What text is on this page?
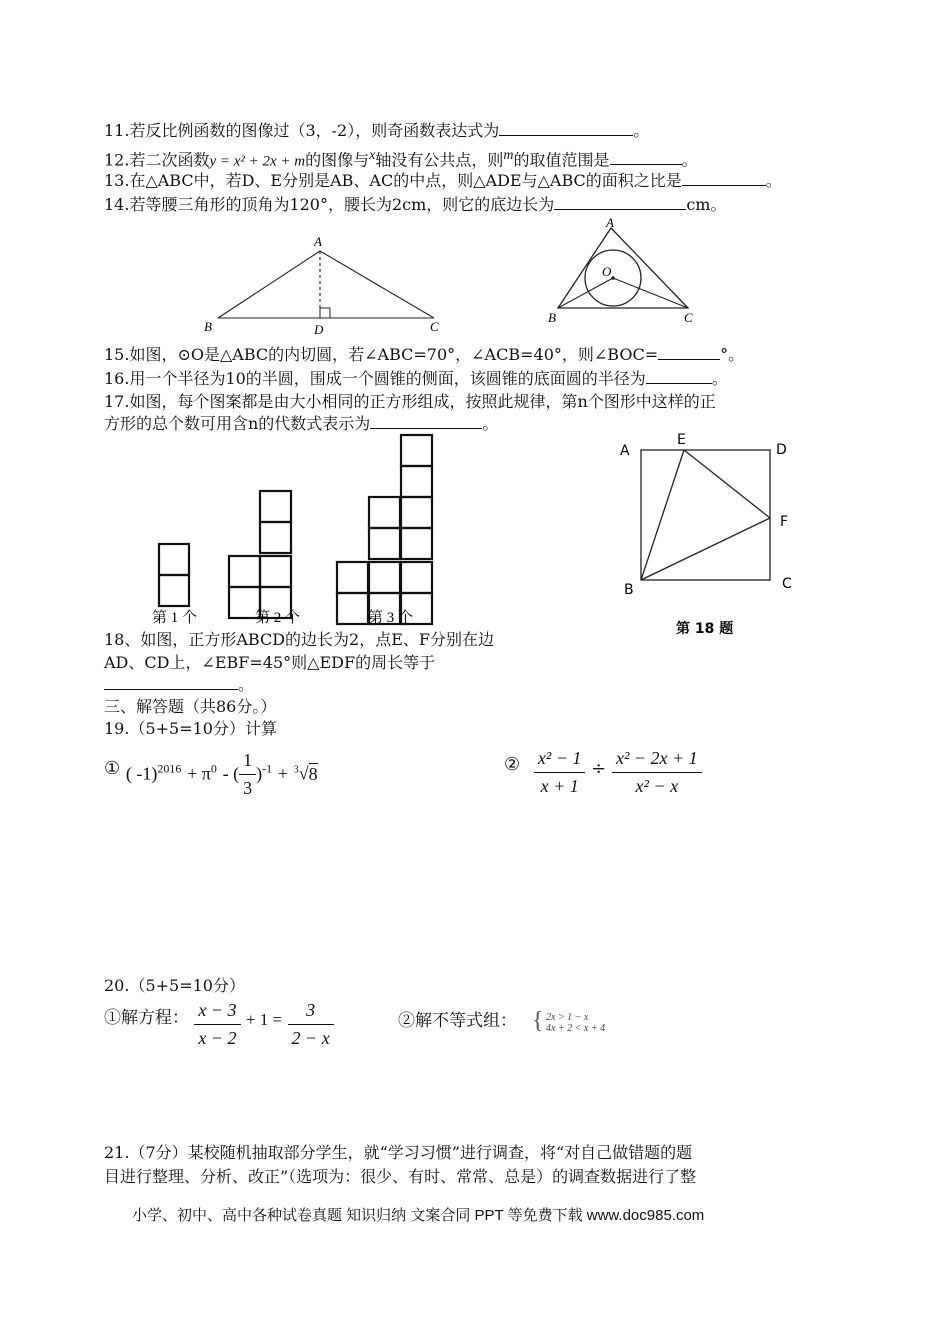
11.若反比例函数的图像过（3，-2），则奇函数表达式为	。
12.若二次函数y = x² + 2x + m的图像与x轴没有公共点，则m的取值范围是	。
13.在△ABC中，若D、E分别是AB、AC的中点，则△ADE与△ABC的面积之比是	。
14.若等腰三角形的顶角为120°，腰长为2cm，则它的底边长为	cm。
A
B	D	C
A
O
B	C
15.如图，⊙O是△ABC的内切圆，若∠ABC=70°，∠ACB=40°，则∠BOC=	°。
16.用一个半径为10的半圆，围成一个圆锥的侧面，该圆锥的底面圆的半径为	。
17.如图，每个图案都是由大小相同的正方形组成，按照此规律，第n个图形中这样的正
方形的总个数可用含n的代数式表示为	。
第 1 个	第 2 个	第 3 个
A
E
D
F
B	C
第 18 题
18、如图，正方形ABCD的边长为2，点E、F分别在边
AD、CD上，∠EBF=45°则△EDF的周长等于
。
三、解答题（共86分。）
19.（5+5=10分）计算
① ( $-1)^{2016} + \pi^0$ - ( $\frac{1}{3} )^{-1} + ^3√8$	② $\frac{\text{x² − 1}}{x + 1} \div \frac{\text{x² − 2x + 1}}{\text{x² − x}}$
20.（5+5=10分）
①解方程： $\frac{x - 3}{x - 2} + 1 = \frac{3}{2 - x}$	②解不等式组： { 2x > 1 − x
4x + 2 < x + 4
21.（7分）某校随机抽取部分学生，就“学习习惯”进行调查，将“对自己做错题的题
目进行整理、分析、改正”（选项为：很少、有时、常常、总是）的调查数据进行了整
小学、初中、高中各种试卷真题 知识归纳 文案合同 PPT 等免费下载 www.doc985.com
